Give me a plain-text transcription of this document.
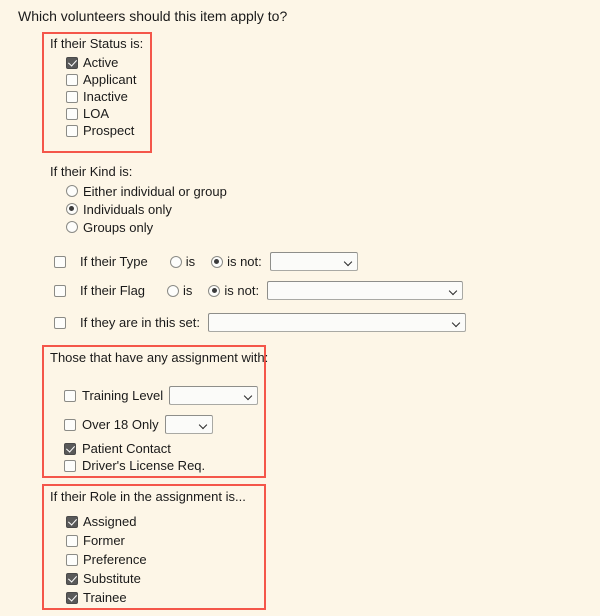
Which volunteers should this item apply to?
If their Status is:
Active
Applicant
Inactive
LOA
Prospect
If their Kind is:
Either individual or group
Individuals only
Groups only
If their Type	is is not:
If their Flag	is is not:
If they are in this set:
Those that have any assignment with:
Training Level
Over 18 Only
Patient Contact
Driver's License Req.
If their Role in the assignment is...
Assigned
Former
Preference
Substitute
Trainee
